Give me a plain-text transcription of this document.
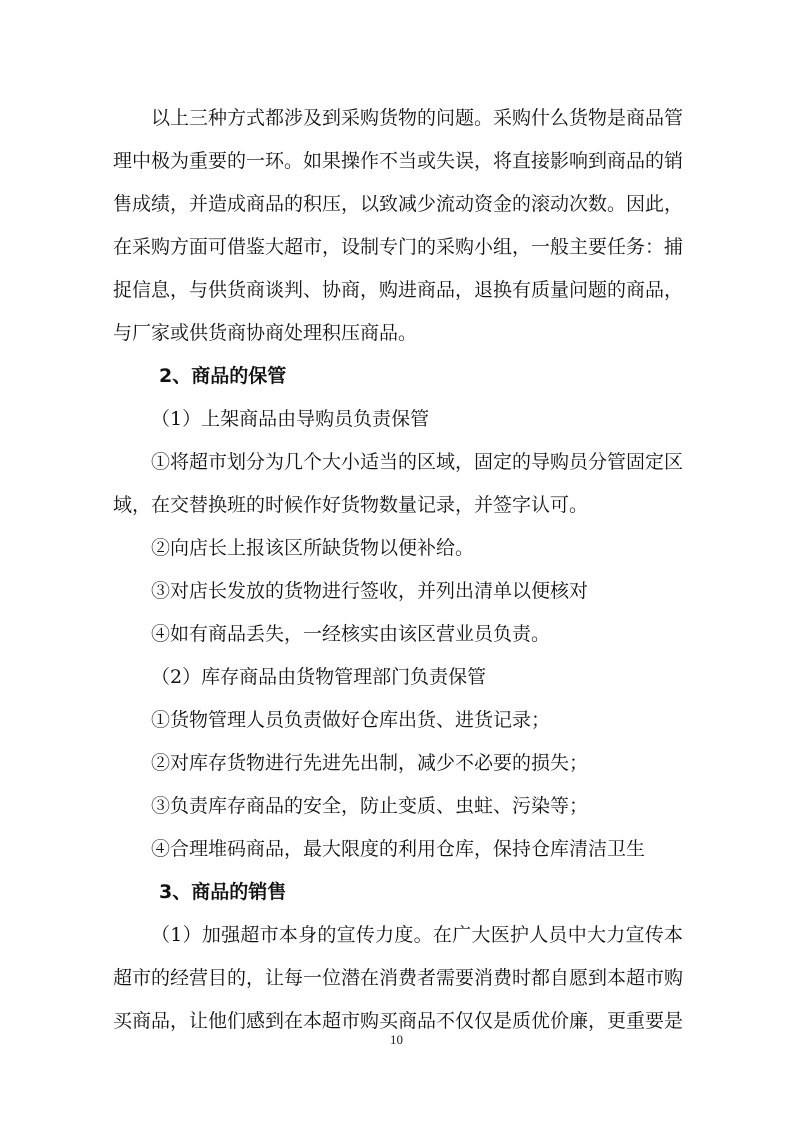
以上三种方式都涉及到采购货物的问题。采购什么货物是商品管
理中极为重要的一环。如果操作不当或失误，将直接影响到商品的销
售成绩，并造成商品的积压，以致减少流动资金的滚动次数。因此，
在采购方面可借鉴大超市，设制专门的采购小组，一般主要任务：捕
捉信息，与供货商谈判、协商，购进商品，退换有质量问题的商品，
与厂家或供货商协商处理积压商品。
2、商品的保管
（1）上架商品由导购员负责保管
①将超市划分为几个大小适当的区域，固定的导购员分管固定区
域，在交替换班的时候作好货物数量记录，并签字认可。
②向店长上报该区所缺货物以便补给。
③对店长发放的货物进行签收，并列出清单以便核对
④如有商品丢失，一经核实由该区营业员负责。
（2）库存商品由货物管理部门负责保管
①货物管理人员负责做好仓库出货、进货记录；
②对库存货物进行先进先出制，减少不必要的损失；
③负责库存商品的安全，防止变质、虫蛀、污染等；
④合理堆码商品，最大限度的利用仓库，保持仓库清洁卫生
3、商品的销售
（1）加强超市本身的宣传力度。在广大医护人员中大力宣传本
超市的经营目的，让每一位潜在消费者需要消费时都自愿到本超市购
买商品，让他们感到在本超市购买商品不仅仅是质优价廉，更重要是
10
